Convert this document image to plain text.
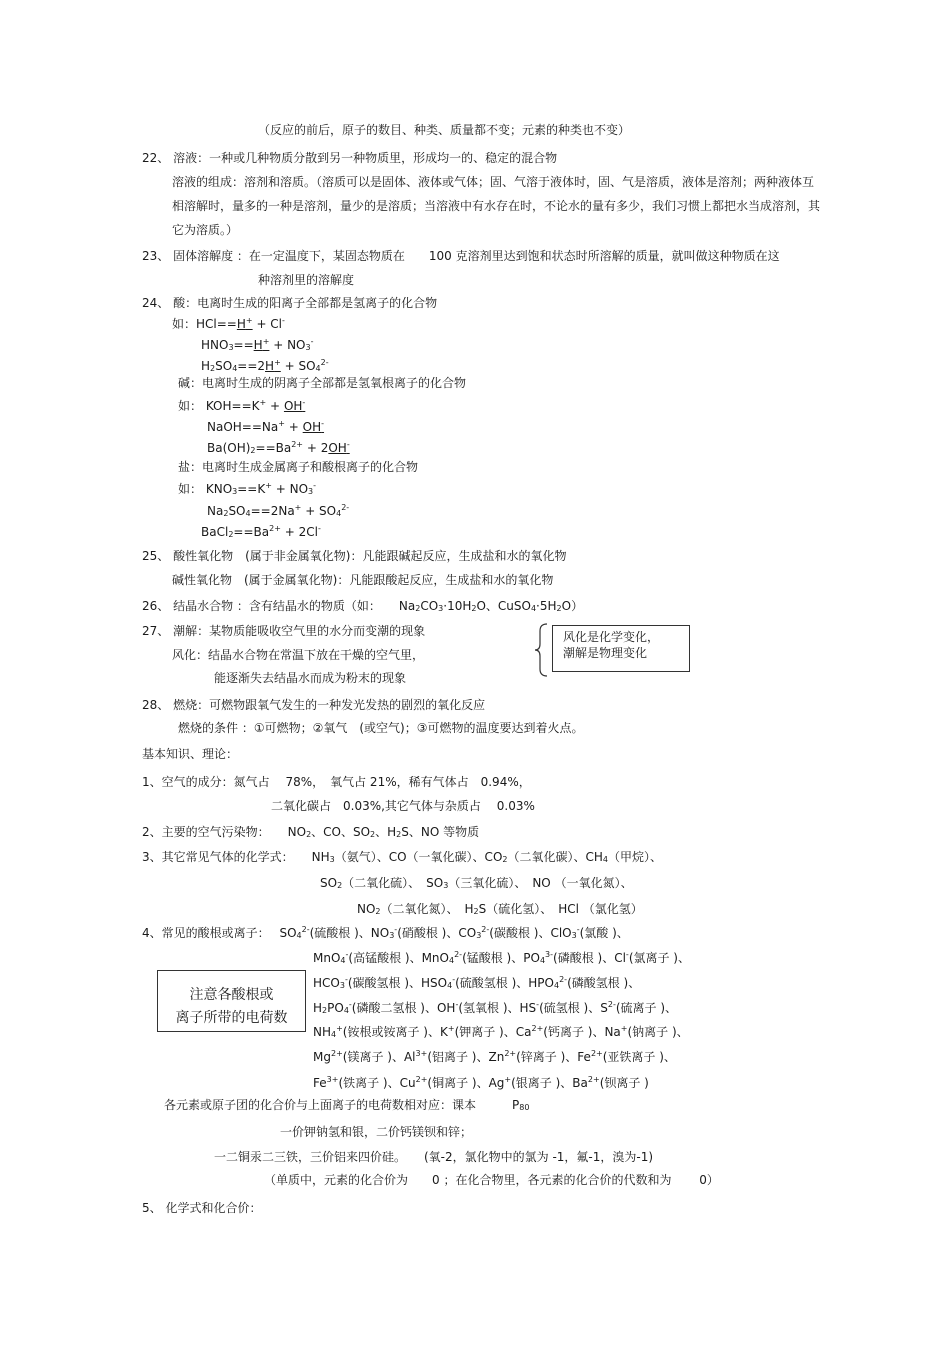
（反应的前后，原子的数目、种类、质量都不变；元素的种类也不变）
22、 溶液：一种或几种物质分散到另一种物质里，形成均一的、稳定的混合物
溶液的组成：溶剂和溶质。（溶质可以是固体、液体或气体；固、气溶于液体时，固、气是溶质，液体是溶剂；两种液体互
相溶解时，量多的一种是溶剂，量少的是溶质；当溶液中有水存在时，不论水的量有多少，我们习惯上都把水当成溶剂，其
它为溶质。）
23、 固体溶解度 ：在一定温度下，某固态物质在　　100 克溶剂里达到饱和状态时所溶解的质量，就叫做这种物质在这
种溶剂里的溶解度
24、 酸：电离时生成的阳离子全部都是氢离子的化合物
如：HCl==H+ + Cl-
$HNO_3==H^+ + NO_3^-$
$H_2SO_4==2H^+ + SO_4^{2-}$
碱：电离时生成的阴离子全部都是氢氧根离子的化合物
如： KOH==K+ + OH-
NaOH==Na+ + OH-
$Ba(OH)_2==Ba^{2+} + 2OH^-$
盐：电离时生成金属离子和酸根离子的化合物
如： $KNO_3==K^+ + NO_3^-$
$Na_2SO_4==2Na^+ + SO_4^{2-}$
$BaCl_2==Ba^{2+} + 2Cl^-$
25、 酸性氧化物　(属于非金属氧化物)：凡能跟碱起反应，生成盐和水的氧化物
碱性氧化物　(属于金属氧化物)：凡能跟酸起反应，生成盐和水的氧化物
26、 结晶水合物 ：含有结晶水的物质（如：　　$Na_2CO_3\cdot 10H_2O$、$CuSO_4\cdot 5H_2O$）
27、 潮解：某物质能吸收空气里的水分而变潮的现象
风化：结晶水合物在常温下放在干燥的空气里，
能逐渐失去结晶水而成为粉末的现象
风化是化学变化，
潮解是物理变化
28、 燃烧：可燃物跟氧气发生的一种发光发热的剧烈的氧化反应
燃烧的条件 ：①可燃物；②氧气　(或空气)；③可燃物的温度要达到着火点。
基本知识、理论：
1、空气的成分：氮气占　 78%，　氧气占 21%，稀有气体占　0.94%，
二氧化碳占　0.03%,其它气体与杂质占　 0.03%
2、主要的空气污染物：　　$NO_2$、CO、$SO_2$、$H_2S$、NO 等物质
3、其它常见气体的化学式：　　$NH_3$（氨气）、CO（一氧化碳）、$CO_2$（二氧化碳）、$CH_4$（甲烷）、
$SO_2$（二氧化硫）、　$SO_3$（三氧化硫）、　NO （一氧化氮）、
$NO_2$（二氧化氮）、　$H_2S$（硫化氢）、　HCl （氯化氢）
4、常见的酸根或离子：　 $SO_4^{2-}$(硫酸根 )、$NO_3^-$(硝酸根 )、$CO_3^{2-}$(碳酸根 )、ClO$_3$-(氯酸 )、
MnO$_4$-(高锰酸根 )、MnO$_4^{2-}$(锰酸根 )、$PO_4^{3-}$(磷酸根 )、Cl-(氯离子 )、
$HCO_3^-$(碳酸氢根 )、$HSO_4^-$(硫酸氢根 )、$HPO_4^{2-}$(磷酸氢根 )、
$H_2PO_4^-$(磷酸二氢根 )、OH-(氢氧根 )、HS-(硫氢根 )、$S^{2-}$(硫离子 )、
$NH_4^+$(铵根或铵离子 )、K+(钾离子 )、$Ca^{2+}$(钙离子 )、Na+(钠离子 )、
$Mg^{2+}$(镁离子 )、$Al^{3+}$(铝离子 )、$Zn^{2+}$(锌离子 )、$Fe^{2+}$(亚铁离子 )、
$Fe^{3+}$(铁离子 )、$Cu^{2+}$(铜离子 )、Ag+(银离子 )、$Ba^{2+}$(钡离子 )
注意各酸根或
离子所带的电荷数
各元素或原子团的化合价与上面离子的电荷数相对应：课本　　　$P_{80}$
一价钾钠氢和银，二价钙镁钡和锌；
一二铜汞二三铁，三价铝来四价硅。　　(氧-2，氯化物中的氯为 -1，氟-1，溴为-1)
（单质中，元素的化合价为　　0 ；在化合物里，各元素的化合价的代数和为　　 0）
5、 化学式和化合价：
